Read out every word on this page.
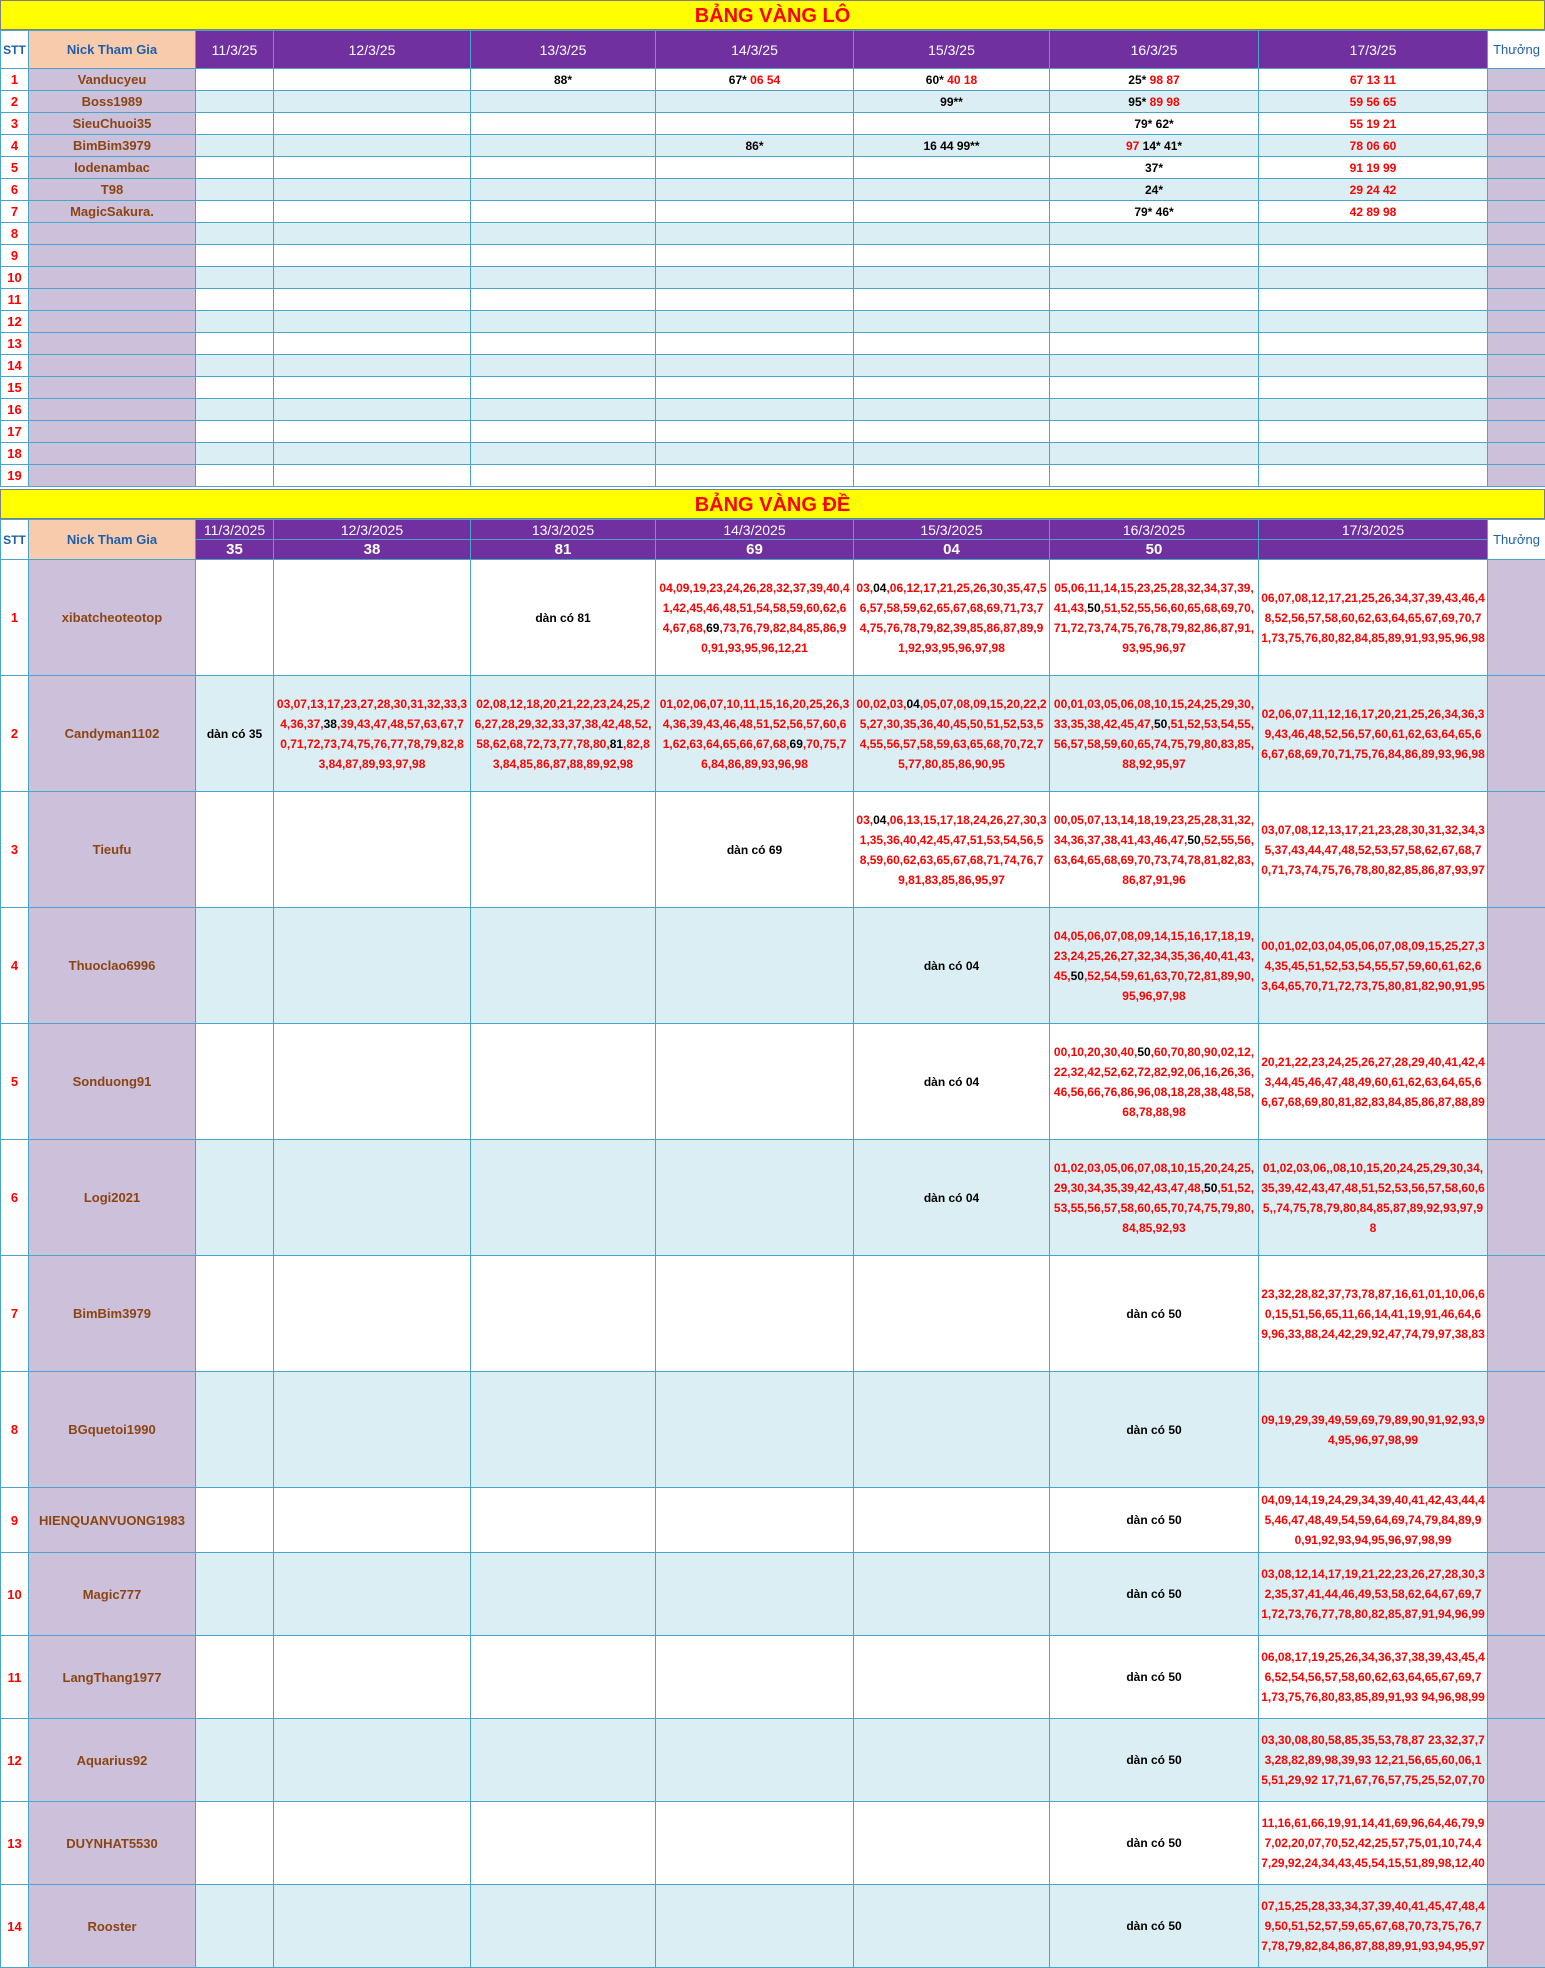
BẢNG VÀNG LÔ
STT	Nick Tham Gia	11/3/25	12/3/25	13/3/25	14/3/25	15/3/25	16/3/25	17/3/25	Thưởng
1	Vanducyeu			88*	67* 06 54	60* 40 18	25* 98 87	67 13 11	
2	Boss1989					99**	95* 89 98	59 56 65	
3	SieuChuoi35						79* 62*	55 19 21	
4	BimBim3979				86*	16 44 99**	97 14* 41*	78 06 60	
5	lodenambac						37*	91 19 99	
6	T98						24*	29 24 42	
7	MagicSakura.						79* 46*	42 89 98	
8									
9									
10									
11									
12									
13									
14									
15									
16									
17									
18									
19									
BẢNG VÀNG ĐỀ
STT	Nick Tham Gia	11/3/2025	12/3/2025	13/3/2025	14/3/2025	15/3/2025	16/3/2025	17/3/2025	Thưởng
		35	38	81	69	04	50		
1	xibatcheoteotop			dàn có 81	04,09,19,23,24,26,28,32,37,39,40,41,42,45,46,48,51,54,58,59,60,62,64,67,68,69,73,76,79,82,84,85,86,90,91,93,95,96,12,21	03,04,06,12,17,21,25,26,30,35,47,56,57,58,59,62,65,67,68,69,71,73,74,75,76,78,79,82,39,85,86,87,89,91,92,93,95,96,97,98	05,06,11,14,15,23,25,28,32,34,37,39,41,43,50,51,52,55,56,60,65,68,69,70,71,72,73,74,75,76,78,79,82,86,87,91,93,95,96,97	06,07,08,12,17,21,25,26,34,37,39,43,46,48,52,56,57,58,60,62,63,64,65,67,69,70,71,73,75,76,80,82,84,85,89,91,93,95,96,98	
2	Candyman1102	dàn có 35	03,07,13,17,23,27,28,30,31,32,33,34,36,37,38,39,43,47,48,57,63,67,70,71,72,73,74,75,76,77,78,79,82,83,84,87,89,93,97,98	02,08,12,18,20,21,22,23,24,25,26,27,28,29,32,33,37,38,42,48,52,58,62,68,72,73,77,78,80,81,82,83,84,85,86,87,88,89,92,98	01,02,06,07,10,11,15,16,20,25,26,34,36,39,43,46,48,51,52,56,57,60,61,62,63,64,65,66,67,68,69,70,75,76,84,86,89,93,96,98	00,02,03,04,05,07,08,09,15,20,22,25,27,30,35,36,40,45,50,51,52,53,54,55,56,57,58,59,63,65,68,70,72,75,77,80,85,86,90,95	00,01,03,05,06,08,10,15,24,25,29,30,33,35,38,42,45,47,50,51,52,53,54,55,56,57,58,59,60,65,74,75,79,80,83,85,88,92,95,97	02,06,07,11,12,16,17,20,21,25,26,34,36,39,43,46,48,52,56,57,60,61,62,63,64,65,66,67,68,69,70,71,75,76,84,86,89,93,96,98	
3	Tieufu				dàn có 69	03,04,06,13,15,17,18,24,26,27,30,31,35,36,40,42,45,47,51,53,54,56,58,59,60,62,63,65,67,68,71,74,76,79,81,83,85,86,95,97	00,05,07,13,14,18,19,23,25,28,31,32,34,36,37,38,41,43,46,47,50,52,55,56,63,64,65,68,69,70,73,74,78,81,82,83,86,87,91,96	03,07,08,12,13,17,21,23,28,30,31,32,34,35,37,43,44,47,48,52,53,57,58,62,67,68,70,71,73,74,75,76,78,80,82,85,86,87,93,97	
4	Thuoclao6996					dàn có 04	04,05,06,07,08,09,14,15,16,17,18,19,23,24,25,26,27,32,34,35,36,40,41,43,45,50,52,54,59,61,63,70,72,81,89,90,95,96,97,98	00,01,02,03,04,05,06,07,08,09,15,25,27,34,35,45,51,52,53,54,55,57,59,60,61,62,63,64,65,70,71,72,73,75,80,81,82,90,91,95	
5	Sonduong91					dàn có 04	00,10,20,30,40,50,60,70,80,90,02,12,22,32,42,52,62,72,82,92,06,16,26,36,46,56,66,76,86,96,08,18,28,38,48,58,68,78,88,98	20,21,22,23,24,25,26,27,28,29,40,41,42,43,44,45,46,47,48,49,60,61,62,63,64,65,66,67,68,69,80,81,82,83,84,85,86,87,88,89	
6	Logi2021					dàn có 04	01,02,03,05,06,07,08,10,15,20,24,25,29,30,34,35,39,42,43,47,48,50,51,52,53,55,56,57,58,60,65,70,74,75,79,80,84,85,92,93	01,02,03,06,,08,10,15,20,24,25,29,30,34,35,39,42,43,47,48,51,52,53,56,57,58,60,65,,74,75,78,79,80,84,85,87,89,92,93,97,98	
7	BimBim3979						dàn có 50	23,32,28,82,37,73,78,87,16,61,01,10,06,60,15,51,56,65,11,66,14,41,19,91,46,64,69,96,33,88,24,42,29,92,47,74,79,97,38,83	
8	BGquetoi1990						dàn có 50	09,19,29,39,49,59,69,79,89,90,91,92,93,94,95,96,97,98,99	
9	HIENQUANVUONG1983						dàn có 50	04,09,14,19,24,29,34,39,40,41,42,43,44,45,46,47,48,49,54,59,64,69,74,79,84,89,90,91,92,93,94,95,96,97,98,99	
10	Magic777						dàn có 50	03,08,12,14,17,19,21,22,23,26,27,28,30,32,35,37,41,44,46,49,53,58,62,64,67,69,71,72,73,76,77,78,80,82,85,87,91,94,96,99	
11	LangThang1977						dàn có 50	06,08,17,19,25,26,34,36,37,38,39,43,45,46,52,54,56,57,58,60,62,63,64,65,67,69,71,73,75,76,80,83,85,89,91,93 94,96,98,99	
12	Aquarius92						dàn có 50	03,30,08,80,58,85,35,53,78,87 23,32,37,73,28,82,89,98,39,93 12,21,56,65,60,06,15,51,29,92 17,71,67,76,57,75,25,52,07,70	
13	DUYNHAT5530						dàn có 50	11,16,61,66,19,91,14,41,69,96,64,46,79,97,02,20,07,70,52,42,25,57,75,01,10,74,47,29,92,24,34,43,45,54,15,51,89,98,12,40	
14	Rooster						dàn có 50	07,15,25,28,33,34,37,39,40,41,45,47,48,49,50,51,52,57,59,65,67,68,70,73,75,76,77,78,79,82,84,86,87,88,89,91,93,94,95,97	
